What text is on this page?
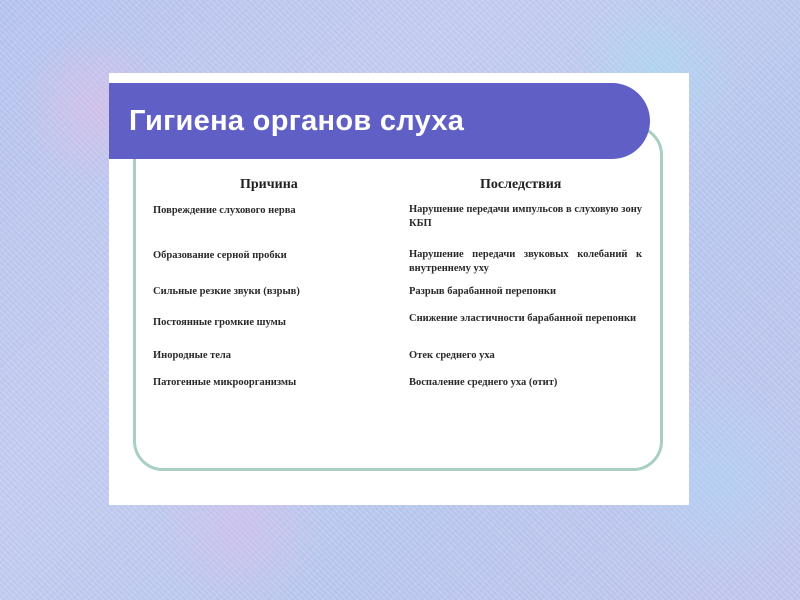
Гигиена органов слуха
Причина	Последствия
Повреждение слухового нерва	Нарушение передачи импульсов в слуховую зону КБП
Образование серной пробки	Нарушение передачи звуковых колебаний к внутреннему уху
Сильные резкие звуки (взрыв)	Разрыв барабанной перепонки
Постоянные громкие шумы	Снижение эластичности барабанной перепонки
Инородные тела	Отек среднего уха
Патогенные микроорганизмы	Воспаление среднего уха (отит)
